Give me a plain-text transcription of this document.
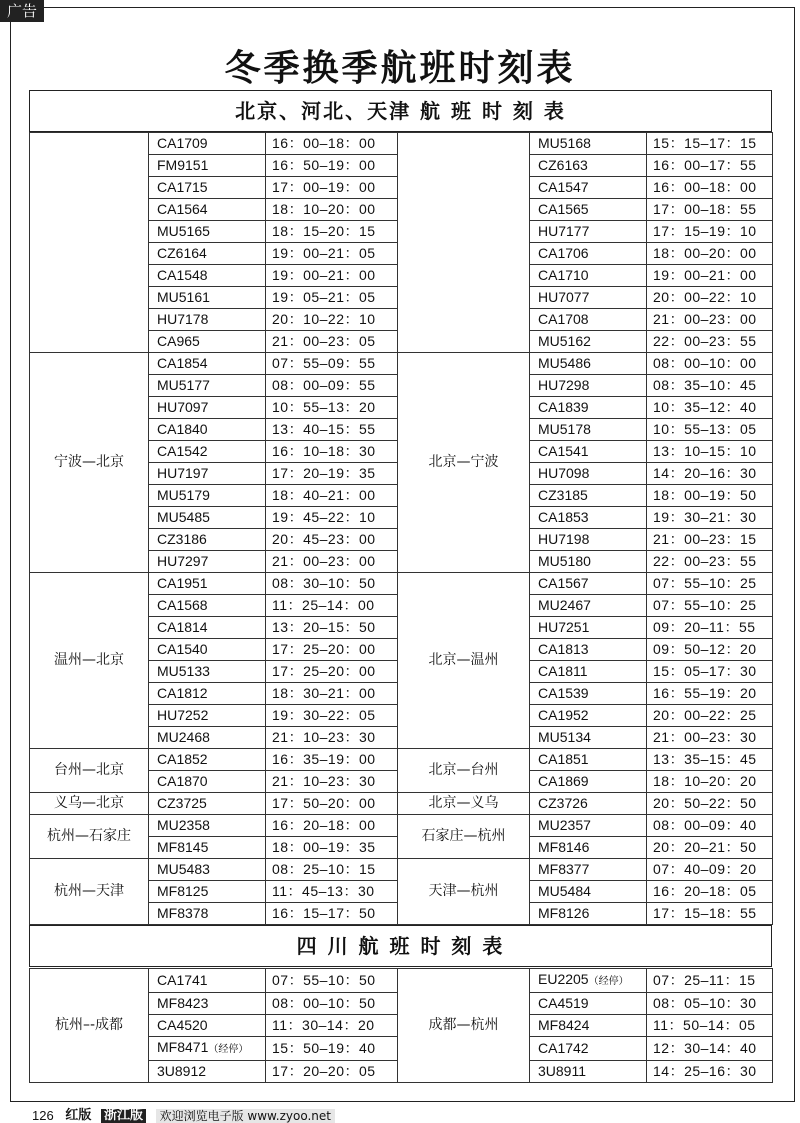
广告
冬季换季航班时刻表
北京、河北、天津 航 班 时 刻 表
	CA1709	16：00–18：00		MU5168	15：15–17：15
	FM9151	16：50–19：00		CZ6163	16：00–17：55
	CA1715	17：00–19：00		CA1547	16：00–18：00
	CA1564	18：10–20：00		CA1565	17：00–18：55
	MU5165	18：15–20：15		HU7177	17：15–19：10
	CZ6164	19：00–21：05		CA1706	18：00–20：00
	CA1548	19：00–21：00		CA1710	19：00–21：00
	MU5161	19：05–21：05		HU7077	20：00–22：10
	HU7178	20：10–22：10		CA1708	21：00–23：00
	CA965	21：00–23：05		MU5162	22：00–23：55
宁波—北京	CA1854	07：55–09：55	北京—宁波	MU5486	08：00–10：00
	MU5177	08：00–09：55		HU7298	08：35–10：45
	HU7097	10：55–13：20		CA1839	10：35–12：40
	CA1840	13：40–15：55		MU5178	10：55–13：05
	CA1542	16：10–18：30		CA1541	13：10–15：10
	HU7197	17：20–19：35		HU7098	14：20–16：30
	MU5179	18：40–21：00		CZ3185	18：00–19：50
	MU5485	19：45–22：10		CA1853	19：30–21：30
	CZ3186	20：45–23：00		HU7198	21：00–23：15
	HU7297	21：00–23：00		MU5180	22：00–23：55
温州—北京	CA1951	08：30–10：50	北京—温州	CA1567	07：55–10：25
	CA1568	11：25–14：00		MU2467	07：55–10：25
	CA1814	13：20–15：50		HU7251	09：20–11：55
	CA1540	17：25–20：00		CA1813	09：50–12：20
	MU5133	17：25–20：00		CA1811	15：05–17：30
	CA1812	18：30–21：00		CA1539	16：55–19：20
	HU7252	19：30–22：05		CA1952	20：00–22：25
	MU2468	21：10–23：30		MU5134	21：00–23：30
台州—北京	CA1852	16：35–19：00	北京—台州	CA1851	13：35–15：45
	CA1870	21：10–23：30		CA1869	18：10–20：20
义乌—北京	CZ3725	17：50–20：00	北京—义乌	CZ3726	20：50–22：50
杭州—石家庄	MU2358	16：20–18：00	石家庄—杭州	MU2357	08：00–09：40
	MF8145	18：00–19：35		MF8146	20：20–21：50
杭州—天津	MU5483	08：25–10：15	天津—杭州	MF8377	07：40–09：20
	MF8125	11：45–13：30		MU5484	16：20–18：05
	MF8378	16：15–17：50		MF8126	17：15–18：55
四 川 航 班 时 刻 表
杭州–-成都	CA1741	07：55–10：50	成都—杭州	EU2205（经停）	07：25–11：15
	MF8423	08：00–10：50		CA4519	08：05–10：30
	CA4520	11：30–14：20		MF8424	11：50–14：05
	MF8471（经停）	15：50–19：40		CA1742	12：30–14：40
	3U8912	17：20–20：05		3U8911	14：25–16：30
126 红版 浙江版 欢迎浏览电子版 www.zyoo.net
